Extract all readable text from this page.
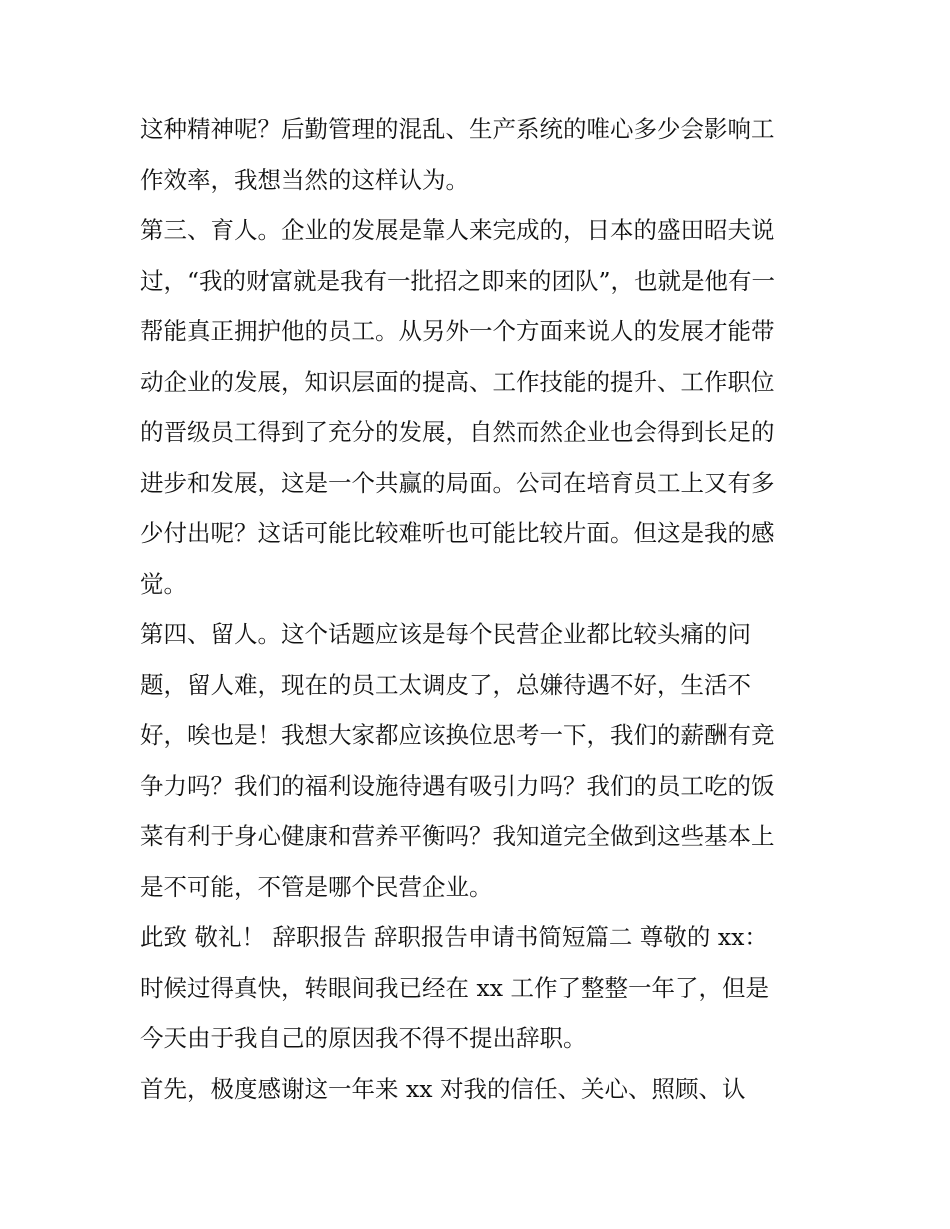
这种精神呢？后勤管理的混乱、生产系统的唯心多少会影响工
作效率，我想当然的这样认为。
第三、育人。企业的发展是靠人来完成的，日本的盛田昭夫说
过，“我的财富就是我有一批招之即来的团队”，也就是他有一
帮能真正拥护他的员工。从另外一个方面来说人的发展才能带
动企业的发展，知识层面的提高、工作技能的提升、工作职位
的晋级员工得到了充分的发展，自然而然企业也会得到长足的
进步和发展，这是一个共赢的局面。公司在培育员工上又有多
少付出呢？这话可能比较难听也可能比较片面。但这是我的感
觉。
第四、留人。这个话题应该是每个民营企业都比较头痛的问
题，留人难，现在的员工太调皮了，总嫌待遇不好，生活不
好，唉也是！我想大家都应该换位思考一下，我们的薪酬有竞
争力吗？我们的福利设施待遇有吸引力吗？我们的员工吃的饭
菜有利于身心健康和营养平衡吗？我知道完全做到这些基本上
是不可能，不管是哪个民营企业。
此致 敬礼！ 辞职报告 辞职报告申请书简短篇二 尊敬的 xx：
时候过得真快，转眼间我已经在 xx 工作了整整一年了，但是
今天由于我自己的原因我不得不提出辞职。
首先，极度感谢这一年来 xx 对我的信任、关心、照顾、认
